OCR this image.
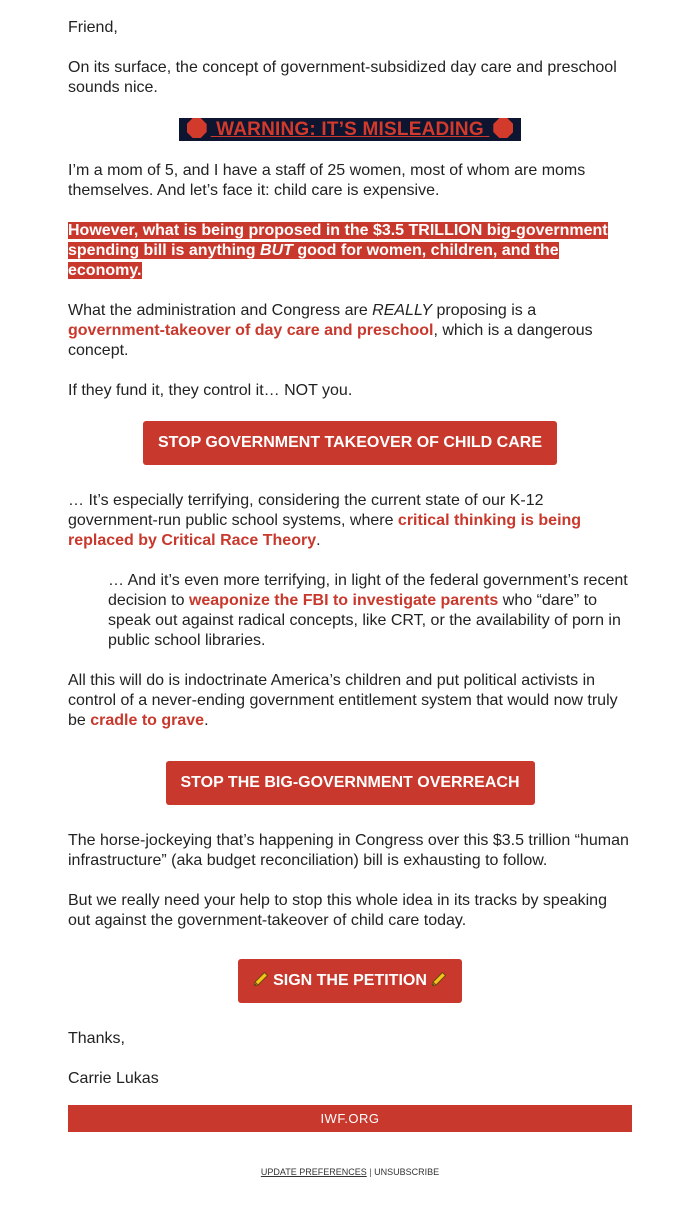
Friend,

On its surface, the concept of government-subsidized day care and preschool sounds nice.

WARNING: IT’S MISLEADING

I’m a mom of 5, and I have a staff of 25 women, most of whom are moms themselves. And let’s face it: child care is expensive.

However, what is being proposed in the $3.5 TRILLION big-government spending bill is anything BUT good for women, children, and the economy.

What the administration and Congress are REALLY proposing is a government-takeover of day care and preschool, which is a dangerous concept.

If they fund it, they control it… NOT you.

STOP GOVERNMENT TAKEOVER OF CHILD CARE

… It’s especially terrifying, considering the current state of our K-12 government-run public school systems, where critical thinking is being replaced by Critical Race Theory.

… And it’s even more terrifying, in light of the federal government’s recent decision to weaponize the FBI to investigate parents who “dare” to speak out against radical concepts, like CRT, or the availability of porn in public school libraries.

All this will do is indoctrinate America’s children and put political activists in control of a never-ending government entitlement system that would now truly be cradle to grave.

STOP THE BIG-GOVERNMENT OVERREACH

The horse-jockeying that’s happening in Congress over this $3.5 trillion “human infrastructure” (aka budget reconciliation) bill is exhausting to follow.

But we really need your help to stop this whole idea in its tracks by speaking out against the government-takeover of child care today.

SIGN THE PETITION

Thanks,

Carrie Lukas

IWF.ORG
UPDATE PREFERENCES | UNSUBSCRIBE
